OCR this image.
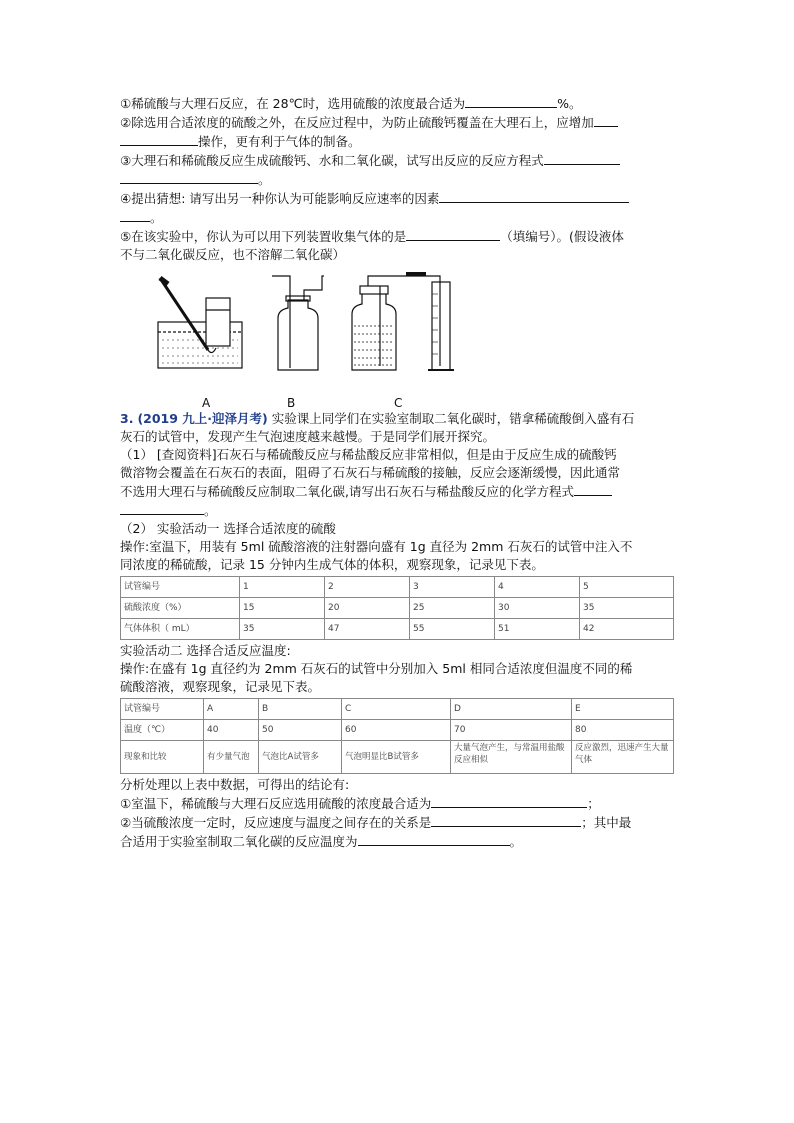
①稀硫酸与大理石反应，在 28℃时，选用硫酸的浓度最合适为	%。
②除选用合适浓度的硫酸之外，在反应过程中，为防止硫酸钙覆盖在大理石上，应增加
操作，更有利于气体的制备。
③大理石和稀硫酸反应生成硫酸钙、水和二氧化碳，试写出反应的反应方程式
。
④提出猜想: 请写出另一种你认为可能影响反应速率的因素
。
⑤在该实验中，你认为可以用下列装置收集气体的是	（填编号）。(假设液体
不与二氧化碳反应，也不溶解二氧化碳）
A	B	C
3. (2019 九上·迎泽月考) 实验课上同学们在实验室制取二氧化碳时，错拿稀硫酸倒入盛有石
灰石的试管中，发现产生气泡速度越来越慢。于是同学们展开探究。
（1） [查阅资料]石灰石与稀硫酸反应与稀盐酸反应非常相似，但是由于反应生成的硫酸钙
微溶物会覆盖在石灰石的表面，阻碍了石灰石与稀硫酸的接触，反应会逐渐缓慢，因此通常
不选用大理石与稀硫酸反应制取二氧化碳,请写出石灰石与稀盐酸反应的化学方程式
。
（2） 实验活动一 选择合适浓度的硫酸
操作:室温下，用装有 5ml 硫酸溶液的注射器向盛有 1g 直径为 2mm 石灰石的试管中注入不
同浓度的稀硫酸，记录 15 分钟内生成气体的体积，观察现象，记录见下表。
试管编号	1	2	3	4	5
硫酸浓度（%）	15	20	25	30	35
气体体积（ mL）	35	47	55	51	42
实验活动二 选择合适反应温度:
操作:在盛有 1g 直径约为 2mm 石灰石的试管中分别加入 5ml 相同合适浓度但温度不同的稀
硫酸溶液，观察现象，记录见下表。
试管编号	A	B	C	D	E
温度（℃）	40	50	60	70	80
现象和比较	有少量气泡	气泡比A试管多	气泡明显比B试管多	大量气泡产生，与常温用盐酸反应相似	反应激烈，迅速产生大量气体
分析处理以上表中数据，可得出的结论有:
①室温下，稀硫酸与大理石反应选用硫酸的浓度最合适为	；
②当硫酸浓度一定时，反应速度与温度之间存在的关系是	；其中最
合适用于实验室制取二氧化碳的反应温度为	。
